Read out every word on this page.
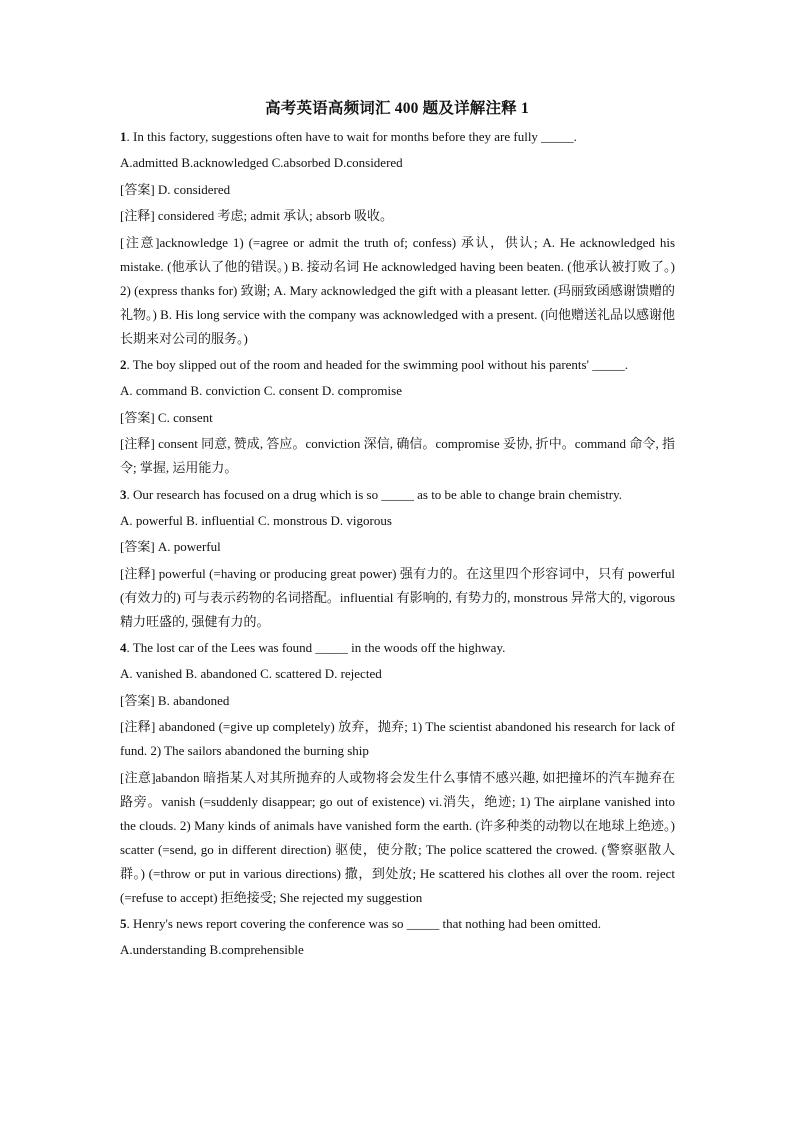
高考英语高频词汇 400 题及详解注释 1

1. In this factory, suggestions often have to wait for months before they are fully _____.

A.admitted B.acknowledged C.absorbed D.considered

[答案] D. considered

[注释] considered 考虑; admit 承认; absorb 吸收。

[注意]acknowledge 1) (=agree or admit the truth of; confess) 承认，供认; A. He acknowledged his mistake. (他承认了他的错误。) B. 接动名词 He acknowledged having been beaten. (他承认被打败了。) 2) (express thanks for) 致谢; A. Mary acknowledged the gift with a pleasant letter. (玛丽致函感谢馈赠的礼物。) B. His long service with the company was acknowledged with a present. (向他赠送礼品以感谢他长期来对公司的服务。)

2. The boy slipped out of the room and headed for the swimming pool without his parents' _____.

A. command B. conviction C. consent D. compromise

[答案] C. consent

[注释] consent 同意, 赞成, 答应。conviction 深信, 确信。compromise 妥协, 折中。command 命令, 指令; 掌握, 运用能力。

3. Our research has focused on a drug which is so _____ as to be able to change brain chemistry.

A. powerful B. influential C. monstrous D. vigorous

[答案] A. powerful

[注释] powerful (=having or producing great power) 强有力的。在这里四个形容词中，只有 powerful (有效力的) 可与表示药物的名词搭配。influential 有影响的, 有势力的, monstrous 异常大的, vigorous 精力旺盛的, 强健有力的。

4. The lost car of the Lees was found _____ in the woods off the highway.

A. vanished B. abandoned C. scattered D. rejected

[答案] B. abandoned

[注释] abandoned (=give up completely) 放弃，抛弃; 1) The scientist abandoned his research for lack of fund. 2) The sailors abandoned the burning ship

[注意]abandon 暗指某人对其所抛弃的人或物将会发生什么事情不感兴趣, 如把撞坏的汽车抛弃在路旁。vanish (=suddenly disappear; go out of existence) vi.消失，绝迹; 1) The airplane vanished into the clouds. 2) Many kinds of animals have vanished form the earth. (许多种类的动物以在地球上绝迹。) scatter (=send, go in different direction) 驱使，使分散; The police scattered the crowed. (警察驱散人群。) (=throw or put in various directions) 撒，到处放; He scattered his clothes all over the room. reject (=refuse to accept) 拒绝接受; She rejected my suggestion

5. Henry's news report covering the conference was so _____ that nothing had been omitted.

A.understanding B.comprehensible
